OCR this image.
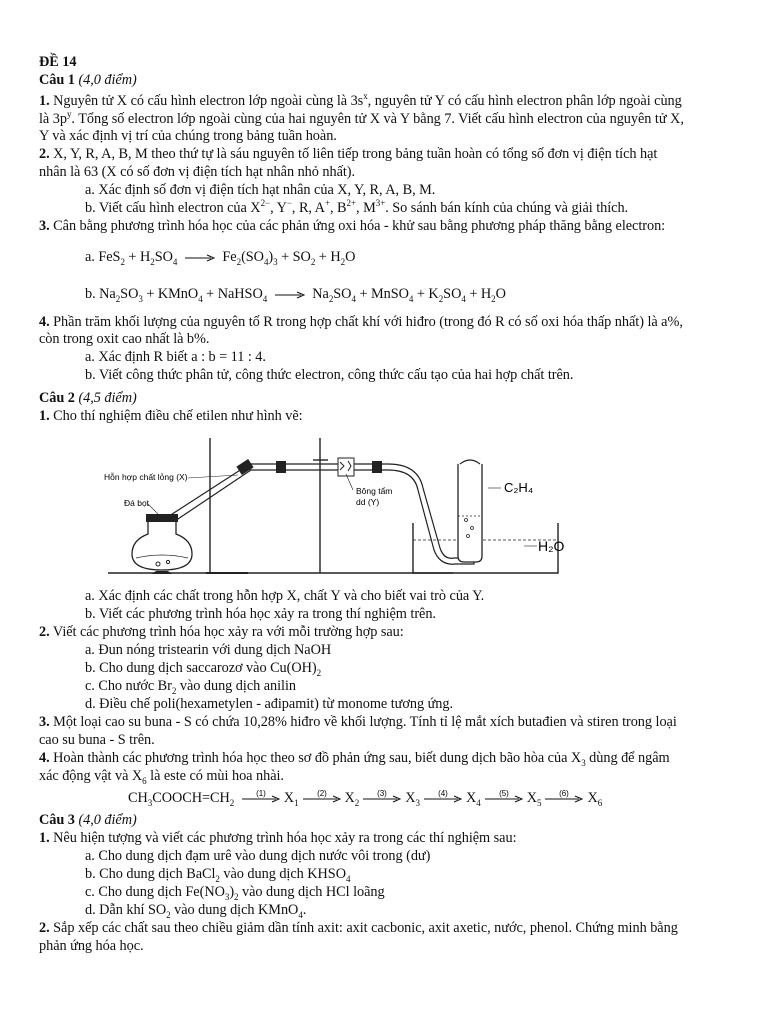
ĐỀ 14
Câu 1 (4,0 điểm)
1. Nguyên tử X có cấu hình electron lớp ngoài cùng là $3s^x$, nguyên tử Y có cấu hình electron phân lớp ngoài cùng
là $3p^y$. Tổng số electron lớp ngoài cùng của hai nguyên tử X và Y bằng 7. Viết cấu hình electron của nguyên tử X,
Y và xác định vị trí của chúng trong bảng tuần hoàn.
2. X, Y, R, A, B, M theo thứ tự là sáu nguyên tố liên tiếp trong bảng tuần hoàn có tổng số đơn vị điện tích hạt
nhân là 63 (X có số đơn vị điện tích hạt nhân nhỏ nhất).
a. Xác định số đơn vị điện tích hạt nhân của X, Y, R, A, B, M.
b. Viết cấu hình electron của $X^{2-}$, Y−, R, A+, $B^{2+}$, $M^{3+}$. So sánh bán kính của chúng và giải thích.
3. Cân bằng phương trình hóa học của các phản ứng oxi hóa - khử sau bằng phương pháp thăng bằng electron:
a. $FeS_2 + H_2SO_4 \to Fe_2(SO_4)_3 + SO_2 + H_2O$
b. $Na_2SO_3$ + KMnO$_4$ + NaHSO$_4$ → $Na_2SO_4$ + MnSO$_4$ + $K_2SO_4 + H_2O$
4. Phần trăm khối lượng của nguyên tố R trong hợp chất khí với hiđro (trong đó R có số oxi hóa thấp nhất) là a%,
còn trong oxit cao nhất là b%.
a. Xác định R biết a : b = 11 : 4.
b. Viết công thức phân tử, công thức electron, công thức cấu tạo của hai hợp chất trên.
Câu 2 (4,5 điểm)
1. Cho thí nghiệm điều chế etilen như hình vẽ:
Hỗn hợp chất lỏng (X)
Đá bọt
Bông tẩm
dd (Y)
C₂H₄
H₂O
a. Xác định các chất trong hỗn hợp X, chất Y và cho biết vai trò của Y.
b. Viết các phương trình hóa học xảy ra trong thí nghiệm trên.
2. Viết các phương trình hóa học xảy ra với mỗi trường hợp sau:
a. Đun nóng tristearin với dung dịch NaOH
b. Cho dung dịch saccarozơ vào $Cu(OH)_2$
c. Cho nước $Br_2$ vào dung dịch anilin
d. Điều chế poli(hexametylen - ađipamit) từ monome tương ứng.
3. Một loại cao su buna - S có chứa 10,28% hiđro về khối lượng. Tính tỉ lệ mắt xích butađien và stiren trong loại
cao su buna - S trên.
4. Hoàn thành các phương trình hóa học theo sơ đồ phản ứng sau, biết dung dịch bão hòa của $X_3$ dùng để ngâm
xác động vật và $X_6$ là este có mùi hoa nhài.
$CH_3COOCH=CH_2$
(1) $X_1$
(2) $X_2$
(3) $X_3$
(4) $X_4$
(5) $X_5$
(6) $X_6$
Câu 3 (4,0 điểm)
1. Nêu hiện tượng và viết các phương trình hóa học xảy ra trong các thí nghiệm sau:
a. Cho dung dịch đạm urê vào dung dịch nước vôi trong (dư)
b. Cho dung dịch BaCl$_2$ vào dung dịch $KHSO_4$
c. Cho dung dịch $Fe(NO_3)_2$ vào dung dịch HCl loãng
d. Dẫn khí $SO_2$ vào dung dịch KMnO$_4$.
2. Sắp xếp các chất sau theo chiều giảm dần tính axit: axit cacbonic, axit axetic, nước, phenol. Chứng minh bằng
phản ứng hóa học.
